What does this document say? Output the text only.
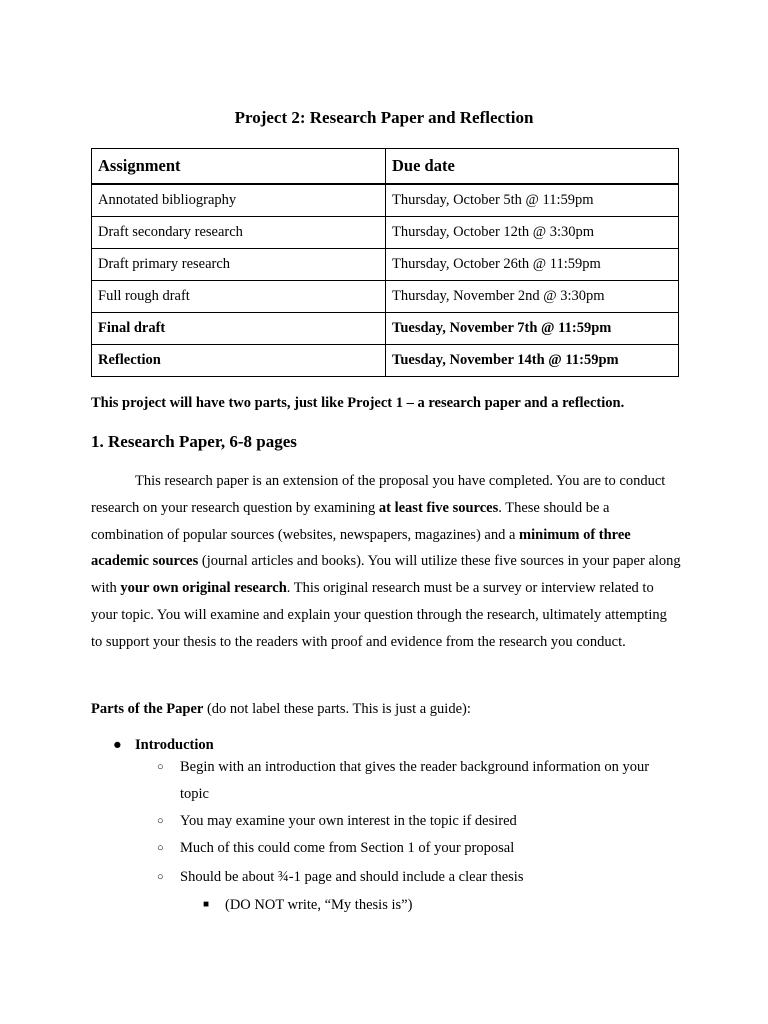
Project 2: Research Paper and Reflection
Assignment	Due date
Annotated bibliography	Thursday, October 5th @ 11:59pm
Draft secondary research	Thursday, October 12th @ 3:30pm
Draft primary research	Thursday, October 26th @ 11:59pm
Full rough draft	Thursday, November 2nd @ 3:30pm
Final draft	Tuesday, November 7th @ 11:59pm
Reflection	Tuesday, November 14th @ 11:59pm
This project will have two parts, just like Project 1 – a research paper and a reflection.
1. Research Paper, 6-8 pages
This research paper is an extension of the proposal you have completed. You are to conduct research on your research question by examining at least five sources. These should be a combination of popular sources (websites, newspapers, magazines) and a minimum of three academic sources (journal articles and books). You will utilize these five sources in your paper along with your own original research. This original research must be a survey or interview related to your topic. You will examine and explain your question through the research, ultimately attempting to support your thesis to the readers with proof and evidence from the research you conduct.
Parts of the Paper (do not label these parts. This is just a guide):
● Introduction
○ Begin with an introduction that gives the reader background information on your topic
○ You may examine your own interest in the topic if desired
○ Much of this could come from Section 1 of your proposal
○ Should be about ¾-1 page and should include a clear thesis
■ (DO NOT write, “My thesis is”)
